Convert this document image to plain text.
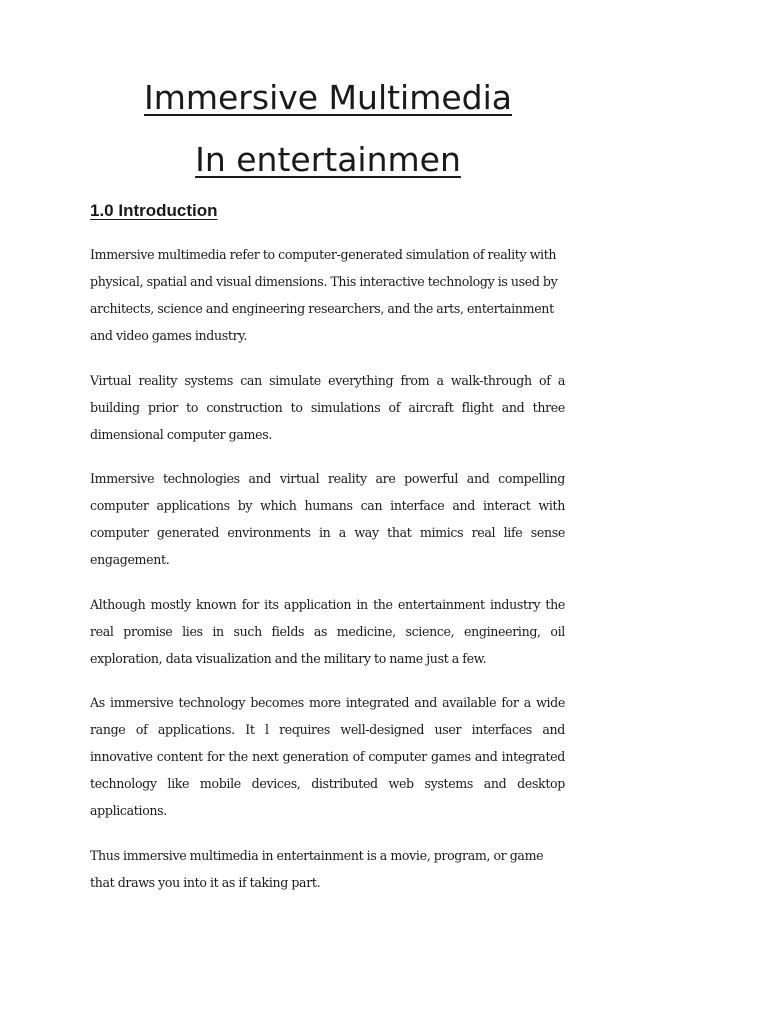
Immersive Multimedia
In entertainmen
1.0 Introduction

Immersive multimedia refer to computer-generated simulation of reality with physical, spatial and visual dimensions. This interactive technology is used by architects, science and engineering researchers, and the arts, entertainment and video games industry.

Virtual reality systems can simulate everything from a walk-through of a building prior to construction to simulations of aircraft flight and three dimensional computer games.

Immersive technologies and virtual reality are powerful and compelling computer applications by which humans can interface and interact with computer generated environments in a way that mimics real life sense engagement.

Although mostly known for its application in the entertainment industry the real promise lies in such fields as medicine, science, engineering, oil exploration, data visualization and the military to name just a few.

As immersive technology becomes more integrated and available for a wide range of applications. It l requires well-designed user interfaces and innovative content for the next generation of computer games and integrated technology like mobile devices, distributed web systems and desktop applications.

Thus immersive multimedia in entertainment is a movie, program, or game that draws you into it as if taking part.
